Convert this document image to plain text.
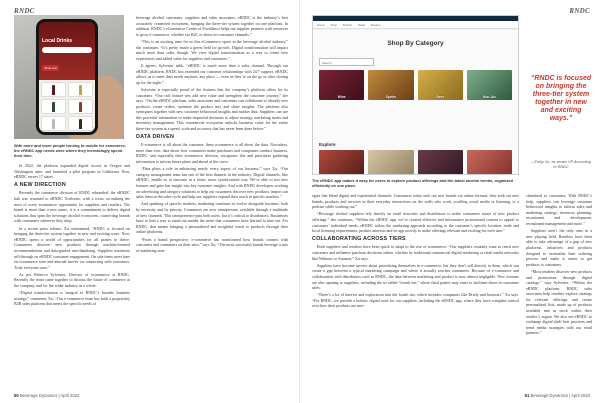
RNDC
Local Drinks
Shop now
With more and more people turning to mobile for commerce, the eRNDC app needs were where they increasingly spend their time.

In 2022, the platform expanded digital access in Oregon and Washington state, and launched a pilot program in California. Now, eRNDC serves 17 states.

A NEW DIRECTION

Recently the commerce division of RNDC rebranded, the eRNDC hub was renamed to eRNDC Xcelerate, with a focus on making the most of every ecommerce opportunity for suppliers and retailers. The brand is more than a new name, it is a commitment to deliver digital solutions that span the beverage alcohol ecosystem, connecting brands with consumers wherever they shop.

In a recent press release, Xu commented, “RNDC is focused on bringing the three-tier system together in new and exciting ways. Now, eRNDC opens a world of opportunities for all parties to thrive. Consumers discover new products through machine-learned recommendations and data-guided merchandising. Suppliers maximize sell-through on eRNDC consumer engagement. On sale items meet time on ecommerce sites and internal moves via connecting with customers. Truly everyone wins.”

As per Rebecca Sylvester, Director of ecommerce at RNDC. Recently the team came together to discuss the future of commerce at the company, and for the wider industry as a whole.

“Digital transformation is integral to RNDC’s broader business strategy,” comments Xu. “Our e-commerce team has built a proprietary B2B sales platform that meets the specific needs of

beverage alcohol customers, suppliers and sales associates. eRNDC is the industry’s first accurately connected ecosystem, bringing the three-tier system together on one platform. In addition, RNDC’s eCommerce Center of Excellence helps our supplier partners with resources to grow e-commerce, whether via B2C or direct-to-consumer channels.”

“This is an exciting time for us this eCommerce space in the beverage alcohol industry,” she continues. “It’s pretty much a green field for growth. Digital transformation will impact much more than sales, though. We view digital transformation as a way to create new experiences and added value for suppliers and customers.”

It agrees, Sylvester adds. “eRNDC is much more than a sales channel. Through our eRNDC platform, RNDC has extended our customer relationships with 24/7 support. eRNDC allows us to meet their needs anytime, any place — even as they’re on the go or after closing up for the night.”

Sylvester is especially proud of the features that the company’s platform offers for its customers. “Our rich feature sets add new value and strengthen the customer journey,” she says. “On the eRNDC platform, sales associates and customers can collaborate to identify new products, create orders, optimize the product mix and share insights. The platform also synergizes together with new customer behavioral insights and market data. Suppliers can use this powerful information to make impactful decisions to adjust strategy, marketing assets and inventory management. This commercial ecosystem unlocks business value for the entire three-tier system at a speed, scale and accuracy that has never been done before.”

DATA DRIVEN

E-commerce is all about the customer, these ecommerce is all about the data. Nowadays, more than ever, data about how consumers make purchases and companies conduct business. RNDC, and especially their ecommerce division, recognizes this and prioritizes gathering information to inform future plans and ahead of the curve.

“Data plays a role in enhancing nearly every aspect of our business,” says Xu. “Our category management team has one of the best datasets in the industry. Digital channels, like eRNDC, enable us to innovate in a faster, more synchronized way. We’re able to test new features and gain fast insight into key customer insights. And with RNDC developers working on advertising and category solutions to help our customers discover new products, import our sales team in the sales cycle and help our suppliers expand their reach in specific markets.”

And speaking of specific markets, marketing continues to evolve alongside business, both by necessity and by priority. Consumers are now omnipresent, available through a multitude of new channels. This omnipresence puts both users, but it’s critical to distributors. Businesses have to find a way to stand out amidst the noise that consumers have learned to tune out. For RNDC, that means bringing a personalized and insightful touch to products through their online platforms.

“From a brand perspective, e-commerce has transformed how brands connect with customers and consumers on their sites,” says Xu. “The most successful brands leverage a mix of marketing strat-

50 Beverage Dynamics | April 2023
RNDC
Home Shop Brands Deals Explore
Shop By Category
Search
Wine	Spirits	Beer	Non-Alc
Explore
The eRNDC app makes it easy for users to explore product offerings and the latest alcohol trends, organized efficiently on one place.

egies that blend digital and experiential channels. Consumers today seek out new brands via online formats, they seek out new brands, products and services in their everyday interactions on the walls who work, scrolling social media or listening, to a podcast while working out.”

“Beverage alcohol suppliers rely heavily on retail networks and distributors to make consumers aware of new product offerings,” she continues. “Within the eRNDC app, we’ve created effective and informative promotional content to appeal to customers’ individual needs. eRNDC tailors the marketing approach according to the customer’s specific location, trade and local licensing requirements, product interests and its app activity to make offerings relevant and exciting for each user.”

COLLABORATING ACROSS TIERS

Both suppliers and retailers have been quick to adapt to the rise of ecommerce. “Our suppliers certainly want to reach new customers and influence purchase decisions online, whether by traditional commercial digital marketing or retail media networks like Walmart or Amazon,” Xu says.

Suppliers have become savvier about prioritizing themselves in e-commerce, but they don’t sell directly to them, which can create a gap between a typical marketing campaign and where it actually reaches consumers. Because of e-commerce and collaboration with distributors such as RNDC, the data between marketing and product is now almost negligible. New avenues are also opening to suppliers, including the so-called “fourth tier,” where third parties may enter to facilitate direct-to-consumer sales.

“There’s a lot of interest and exploration into the fourth tier, which includes companies like Drizly and Instacart,” Xu says. “For RNDC, we provide a holistic digital suite for our suppliers, including the eRNDC app, where they have complete control over how their products are mer-

“RNDC is focused on bringing the three-tier system together in new and exciting ways.”
– Emily Xu, as senior VP According to RNDC

chandised to customers. With RNDC’s help, suppliers can leverage customer behavioral insights to inform sales and marketing strategy, inventory planning, recruitment and development, recruitment management and more.”

Suppliers aren’t the only ones in a new playing field. Retailers have been able to take advantage of a gap of new platforms, initiatives and products designed to streamline their ordering process and make it easier to get products to customers.

“Most retailers discover new products and promotions through digital catalogs,” says Sylvester. “Within the eRNDC platform, RNDC sales associates help retailers explore catalogs for relevant offerings and create personalized lists, made up of products available and in stock within their retailer’s region. We also see eRNDC to exchange digital shelf best practices and trend media strategies with our retail partners.”

51 Beverage Dynamics | April 2023
